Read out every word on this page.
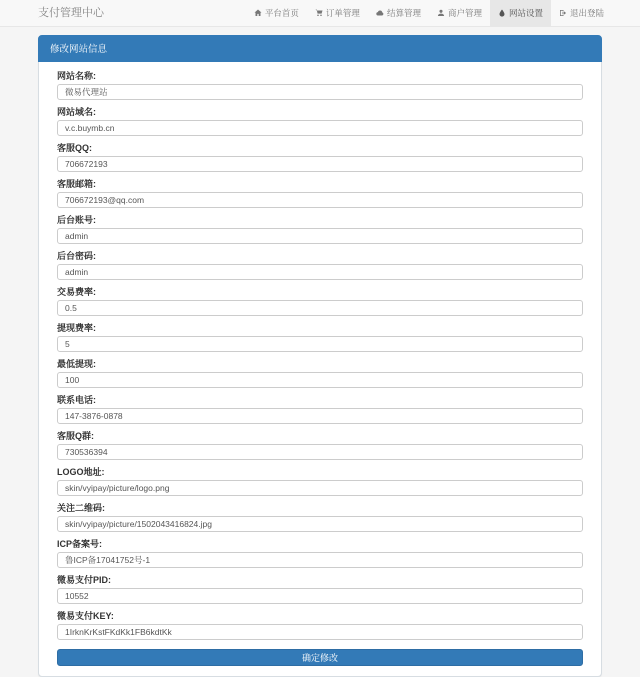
支付管理中心	平台首页	订单管理	结算管理	商户管理	网站设置	退出登陆
修改网站信息
网站名称:
微易代理站
网站域名:
v.c.buymb.cn
客服QQ:
706672193
客服邮箱:
706672193@qq.com
后台账号:
admin
后台密码:
admin
交易费率:
0.5
提现费率:
5
最低提现:
100
联系电话:
147-3876-0878
客服Q群:
730536394
LOGO地址:
skin/vyipay/picture/logo.png
关注二维码:
skin/vyipay/picture/1502043416824.jpg
ICP备案号:
鲁ICP备17041752号-1
微易支付PID:
10552
微易支付KEY:
1IrknKrKstFKdKk1FB6kdtKk
确定修改
